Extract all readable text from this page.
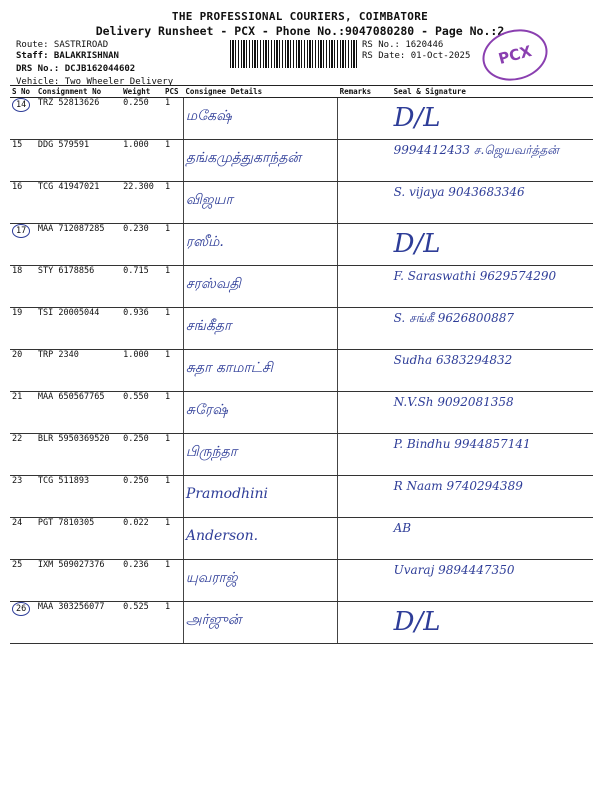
THE PROFESSIONAL COURIERS, COIMBATORE
Delivery Runsheet - PCX - Phone No.:9047080280 - Page No.:2
Route: SASTRIROAD
Staff: BALAKRISHNAN
DRS No.: DCJB162044602
Vehicle: Two Wheeler Delivery
RS No.: 1620446
RS Date: 01-Oct-2025	PCX
S No	Consignment No	Weight	PCS	Consignee Details	Remarks	Seal & Signature
14	TRZ 52813626	0.250	1	மகேஷ்		D/L

15	DDG 579591	1.000	1	தங்கமுத்துகாந்தன்		9994412433 ச.ஜெயவர்த்தன்

16	TCG 41947021	22.300	1	விஜயா		S. vijaya 9043683346

17	MAA 712087285	0.230	1	ரஸீம்.		D/L

18	STY 6178856	0.715	1	சரஸ்வதி		F. Saraswathi 9629574290

19	TSI 20005044	0.936	1	சங்கீதா		S. சங்கீ 9626800887

20	TRP 2340	1.000	1	சுதா காமாட்சி		Sudha 6383294832

21	MAA 650567765	0.550	1	சுரேஷ்		N.V.Sh 9092081358

22	BLR 5950369520	0.250	1	பிருந்தா		P. Bindhu 9944857141

23	TCG 511893	0.250	1	Pramodhini		R Naam 9740294389

24	PGT 7810305	0.022	1	Anderson.		AB

25	IXM 509027376	0.236	1	யுவராஜ்		Uvaraj 9894447350

26	MAA 303256077	0.525	1	அர்ஜுன்		D/L
